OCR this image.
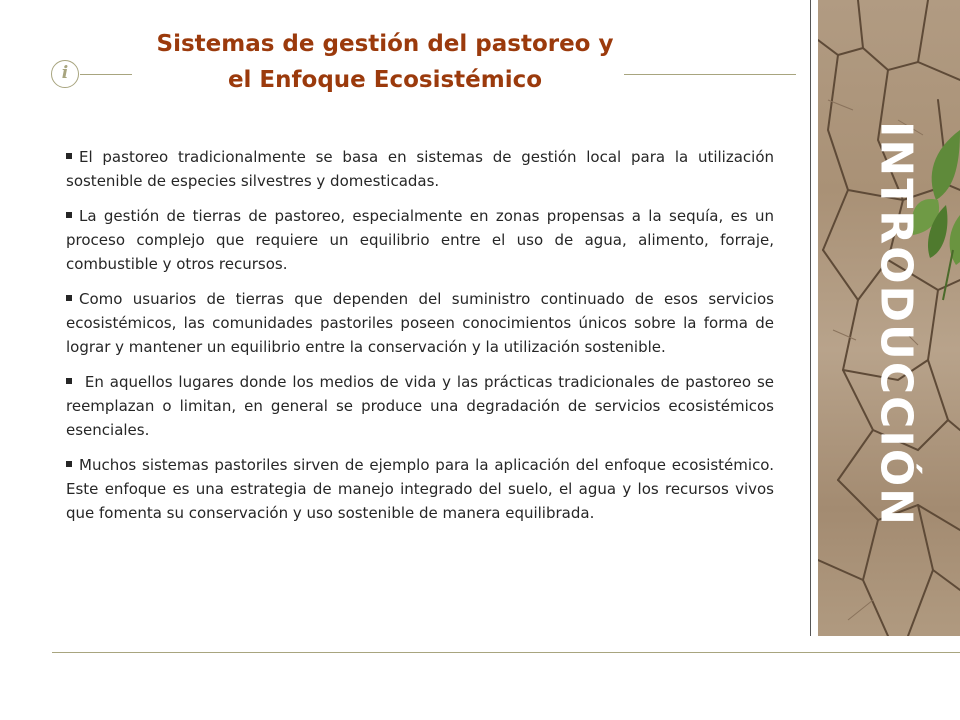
Sistemas de gestión del pastoreo y
el Enfoque Ecosistémico
i

El pastoreo tradicionalmente se basa en sistemas de gestión local para la utilización sostenible de especies silvestres y domesticadas.

La gestión de tierras de pastoreo, especialmente en zonas propensas a la sequía, es un proceso complejo que requiere un equilibrio entre el uso de agua, alimento, forraje, combustible y otros recursos.

Como usuarios de tierras que dependen del suministro continuado de esos servicios ecosistémicos, las comunidades pastoriles poseen conocimientos únicos sobre la forma de lograr y mantener un equilibrio entre la conservación y la utilización sostenible.

En aquellos lugares donde los medios de vida y las prácticas tradicionales de pastoreo se reemplazan o limitan, en general se produce una degradación de servicios ecosistémicos esenciales.

Muchos sistemas pastoriles sirven de ejemplo para la aplicación del enfoque ecosistémico. Este enfoque es una estrategia de manejo integrado del suelo, el agua y los recursos vivos que fomenta su conservación y uso sostenible de manera equilibrada.	INTRODUCCIÓN
